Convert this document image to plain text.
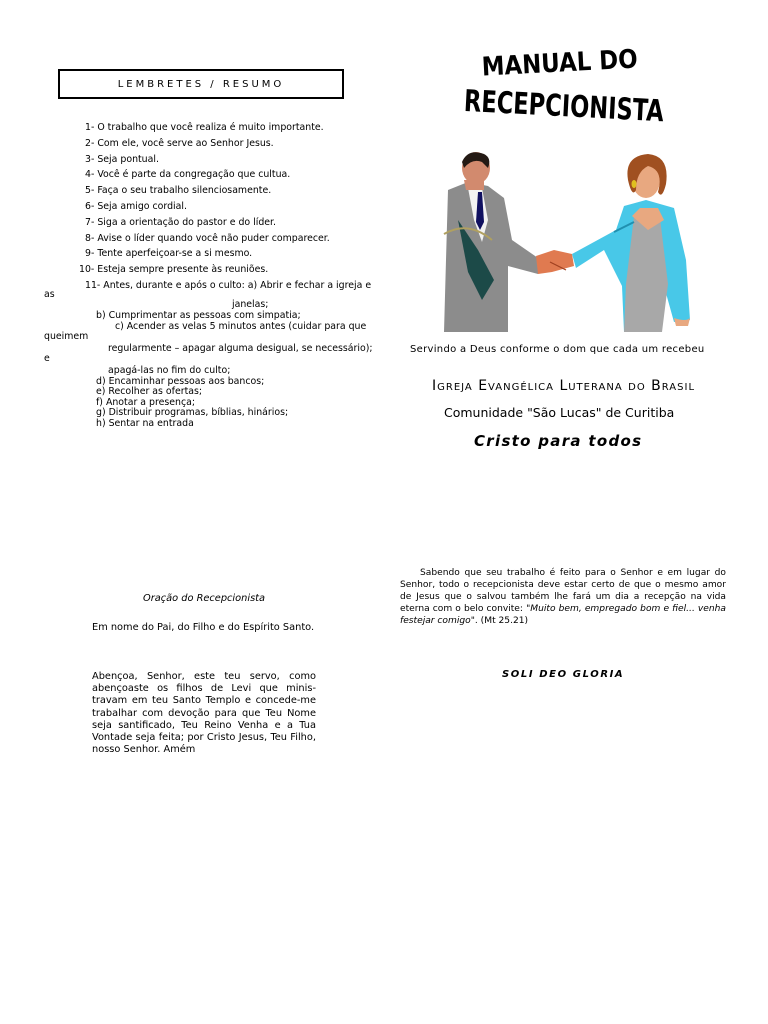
LEMBRETES / RESUMO
1- O trabalho que você realiza é muito importante.
2- Com ele, você serve ao Senhor Jesus.
3- Seja pontual.
4- Você é parte da congregação que cultua.
5- Faça o seu trabalho silenciosamente.
6- Seja amigo cordial.
7- Siga a orientação do pastor e do líder.
8- Avise o líder quando você não puder comparecer.
9- Tente aperfeiçoar-se a si mesmo.
10- Esteja sempre presente às reuniões.
11- Antes, durante e após o culto: a) Abrir e fechar a igreja e
as
janelas;
b) Cumprimentar as pessoas com simpatia;
c) Acender as velas 5 minutos antes (cuidar para que
queimem
regularmente – apagar alguma desigual, se necessário);
e
apagá-las no fim do culto;
d) Encaminhar pessoas aos bancos;
e) Recolher as ofertas;
f) Anotar a presença;
g) Distribuir programas, bíblias, hinários;
h) Sentar na entrada
Oração do Recepcionista
Em nome do Pai, do Filho e do Espírito Santo.
Abençoa, Senhor, este teu servo, como abençoaste os filhos de Levi que minis-travam em teu Santo Templo e concede-me trabalhar com devoção para que Teu Nome seja santificado, Teu Reino Venha e a Tua Vontade seja feita; por Cristo Jesus, Teu Filho, nosso Senhor. Amém
MANUAL DO
RECEPCIONISTA
Servindo a Deus conforme o dom que cada um recebeu
Igreja Evangélica Luterana do Brasil
Comunidade "São Lucas" de Curitiba
Cristo para todos
Sabendo que seu trabalho é feito para o Senhor e em lugar do Senhor, todo o recepcionista deve estar certo de que o mesmo amor de Jesus que o salvou também lhe fará um dia a recepção na vida eterna com o belo convite: "Muito bem, empregado bom e fiel... venha festejar comigo". (Mt 25.21)
SOLI DEO GLORIA
